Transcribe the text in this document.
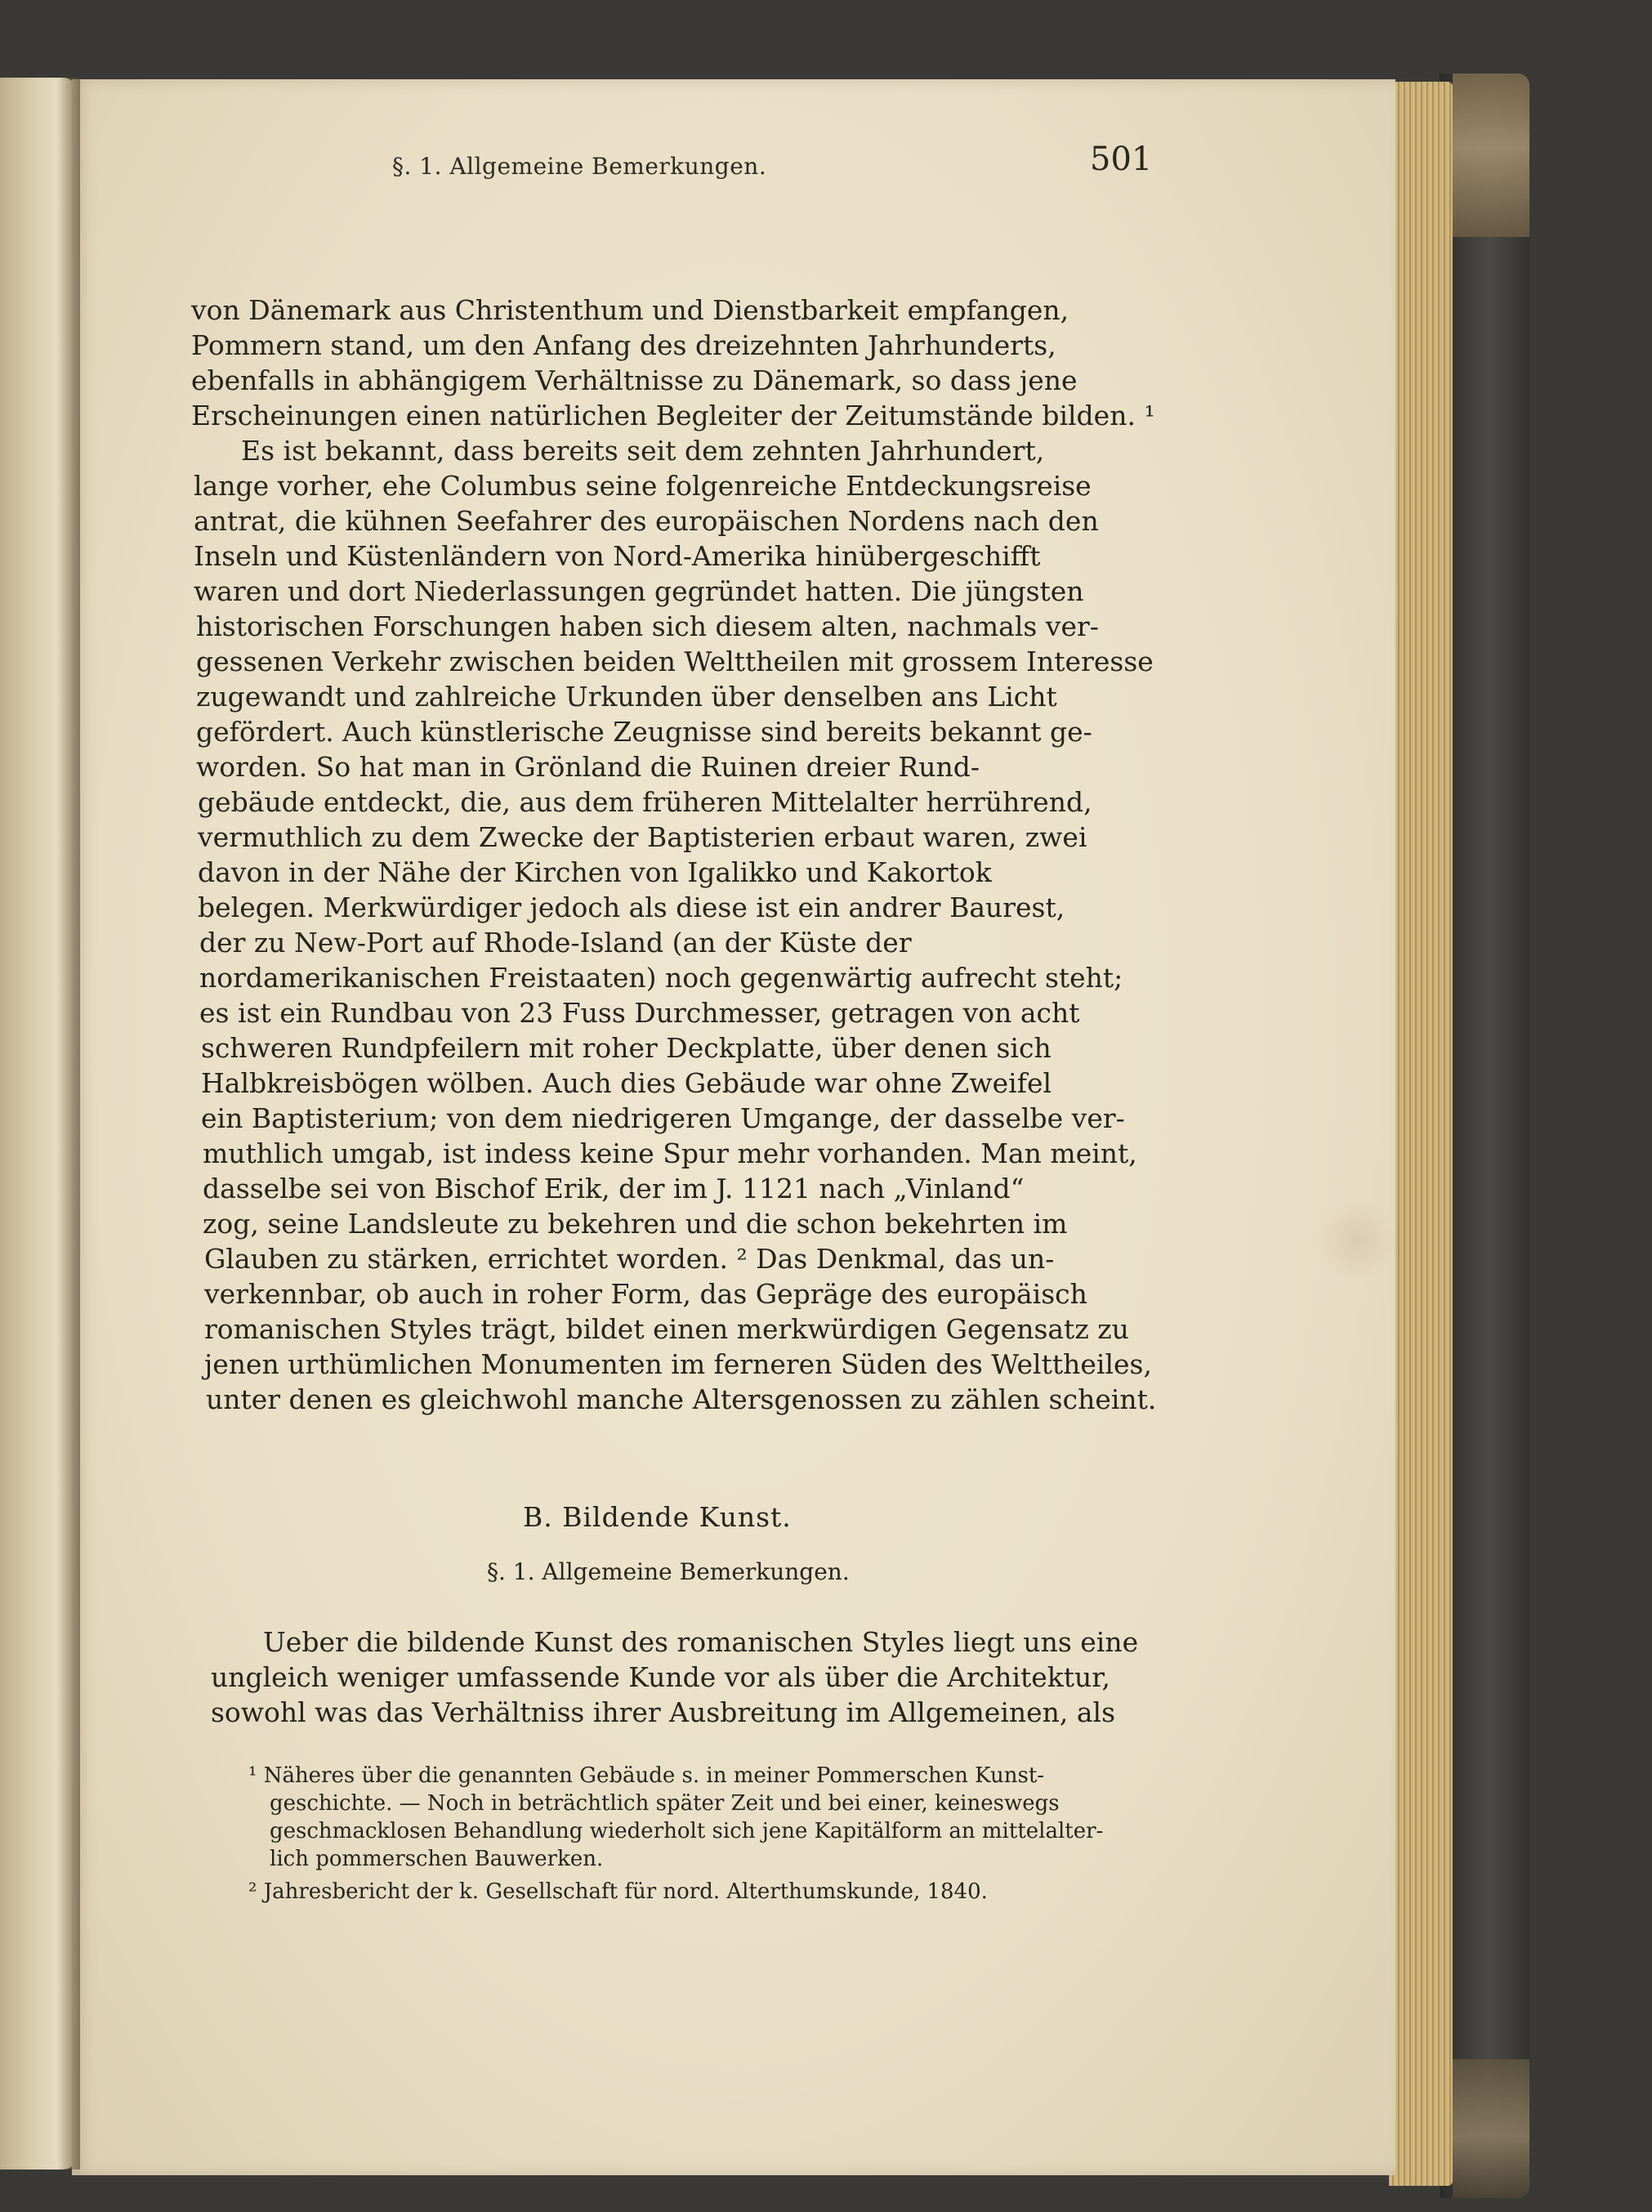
§. 1. Allgemeine Bemerkungen.	501
von Dänemark aus Christenthum und Dienstbarkeit empfangen,
Pommern stand, um den Anfang des dreizehnten Jahrhunderts,
ebenfalls in abhängigem Verhältnisse zu Dänemark, so dass jene
Erscheinungen einen natürlichen Begleiter der Zeitumstände bilden. ¹
Es ist bekannt, dass bereits seit dem zehnten Jahrhundert,
lange vorher, ehe Columbus seine folgenreiche Entdeckungsreise
antrat, die kühnen Seefahrer des europäischen Nordens nach den
Inseln und Küstenländern von Nord-Amerika hinübergeschifft
waren und dort Niederlassungen gegründet hatten. Die jüngsten
historischen Forschungen haben sich diesem alten, nachmals ver-
gessenen Verkehr zwischen beiden Welttheilen mit grossem Interesse
zugewandt und zahlreiche Urkunden über denselben ans Licht
gefördert. Auch künstlerische Zeugnisse sind bereits bekannt ge-
worden. So hat man in Grönland die Ruinen dreier Rund-
gebäude entdeckt, die, aus dem früheren Mittelalter herrührend,
vermuthlich zu dem Zwecke der Baptisterien erbaut waren, zwei
davon in der Nähe der Kirchen von Igalikko und Kakortok
belegen. Merkwürdiger jedoch als diese ist ein andrer Baurest,
der zu New-Port auf Rhode-Island (an der Küste der
nordamerikanischen Freistaaten) noch gegenwärtig aufrecht steht;
es ist ein Rundbau von 23 Fuss Durchmesser, getragen von acht
schweren Rundpfeilern mit roher Deckplatte, über denen sich
Halbkreisbögen wölben. Auch dies Gebäude war ohne Zweifel
ein Baptisterium; von dem niedrigeren Umgange, der dasselbe ver-
muthlich umgab, ist indess keine Spur mehr vorhanden. Man meint,
dasselbe sei von Bischof Erik, der im J. 1121 nach „Vinland“
zog, seine Landsleute zu bekehren und die schon bekehrten im
Glauben zu stärken, errichtet worden. ² Das Denkmal, das un-
verkennbar, ob auch in roher Form, das Gepräge des europäisch
romanischen Styles trägt, bildet einen merkwürdigen Gegensatz zu
jenen urthümlichen Monumenten im ferneren Süden des Welttheiles,
unter denen es gleichwohl manche Altersgenossen zu zählen scheint.
B. Bildende Kunst.
§. 1. Allgemeine Bemerkungen.
Ueber die bildende Kunst des romanischen Styles liegt uns eine
ungleich weniger umfassende Kunde vor als über die Architektur,
sowohl was das Verhältniss ihrer Ausbreitung im Allgemeinen, als
¹ Näheres über die genannten Gebäude s. in meiner Pommerschen Kunst-
geschichte. — Noch in beträchtlich später Zeit und bei einer, keineswegs
geschmacklosen Behandlung wiederholt sich jene Kapitälform an mittelalter-
lich pommerschen Bauwerken.
² Jahresbericht der k. Gesellschaft für nord. Alterthumskunde, 1840.
